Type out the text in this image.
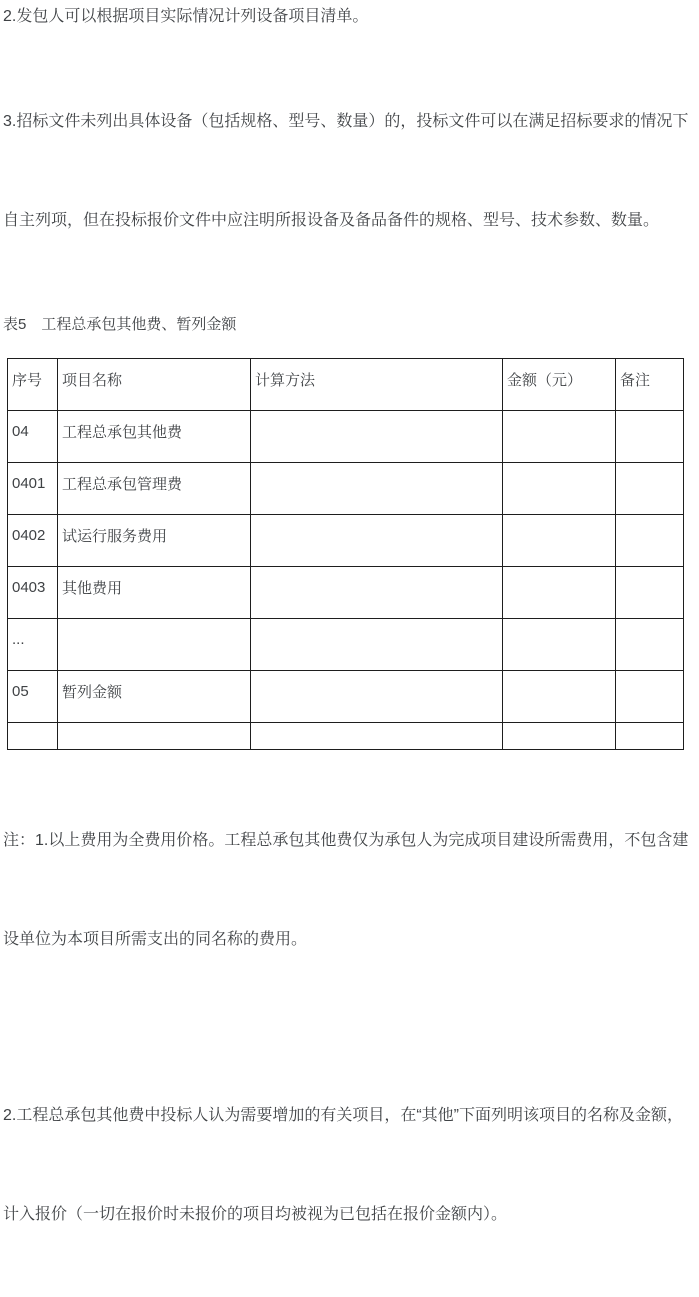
2.发包人可以根据项目实际情况计列设备项目清单。

3.招标文件未列出具体设备（包括规格、型号、数量）的，投标文件可以在满足招标要求的情况下

自主列项，但在投标报价文件中应注明所报设备及备品备件的规格、型号、技术参数、数量。

表5　工程总承包其他费、暂列金额
序号	项目名称	计算方法	金额（元）	备注
04	工程总承包其他费			
0401	工程总承包管理费			
0402	试运行服务费用			
0403	其他费用			
...				
05	暂列金额			

注：1.以上费用为全费用价格。工程总承包其他费仅为承包人为完成项目建设所需费用，不包含建

设单位为本项目所需支出的同名称的费用。

2.工程总承包其他费中投标人认为需要增加的有关项目，在“其他”下面列明该项目的名称及金额，

计入报价（一切在报价时未报价的项目均被视为已包括在报价金额内）。
